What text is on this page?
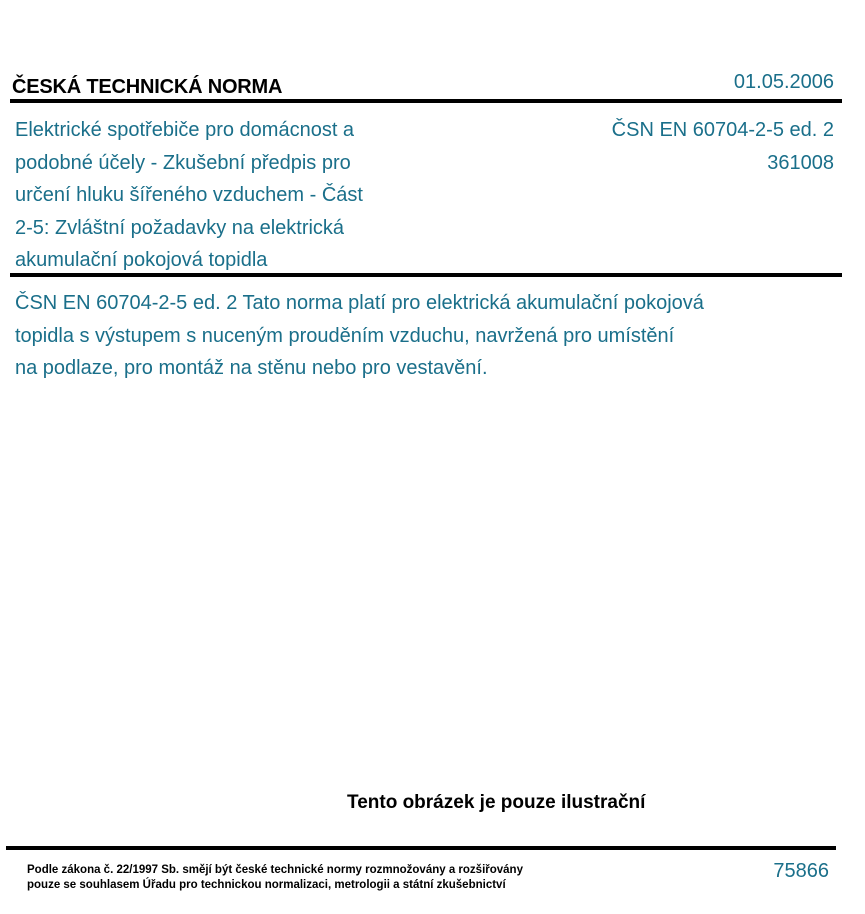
ČESKÁ TECHNICKÁ NORMA	01.05.2006
Elektrické spotřebiče pro domácnost a
podobné účely - Zkušební předpis pro
určení hluku šířeného vzduchem - Část
2-5: Zvláštní požadavky na elektrická
akumulační pokojová topidla
ČSN EN 60704-2-5 ed. 2
361008
ČSN EN 60704-2-5 ed. 2 Tato norma platí pro elektrická akumulační pokojová
topidla s výstupem s nuceným prouděním vzduchu, navržená pro umístění
na podlaze, pro montáž na stěnu nebo pro vestavění.
Tento obrázek je pouze ilustrační
Podle zákona č. 22/1997 Sb. smějí být české technické normy rozmnožovány a rozšiřovány
pouze se souhlasem Úřadu pro technickou normalizaci, metrologii a státní zkušebnictví
75866
